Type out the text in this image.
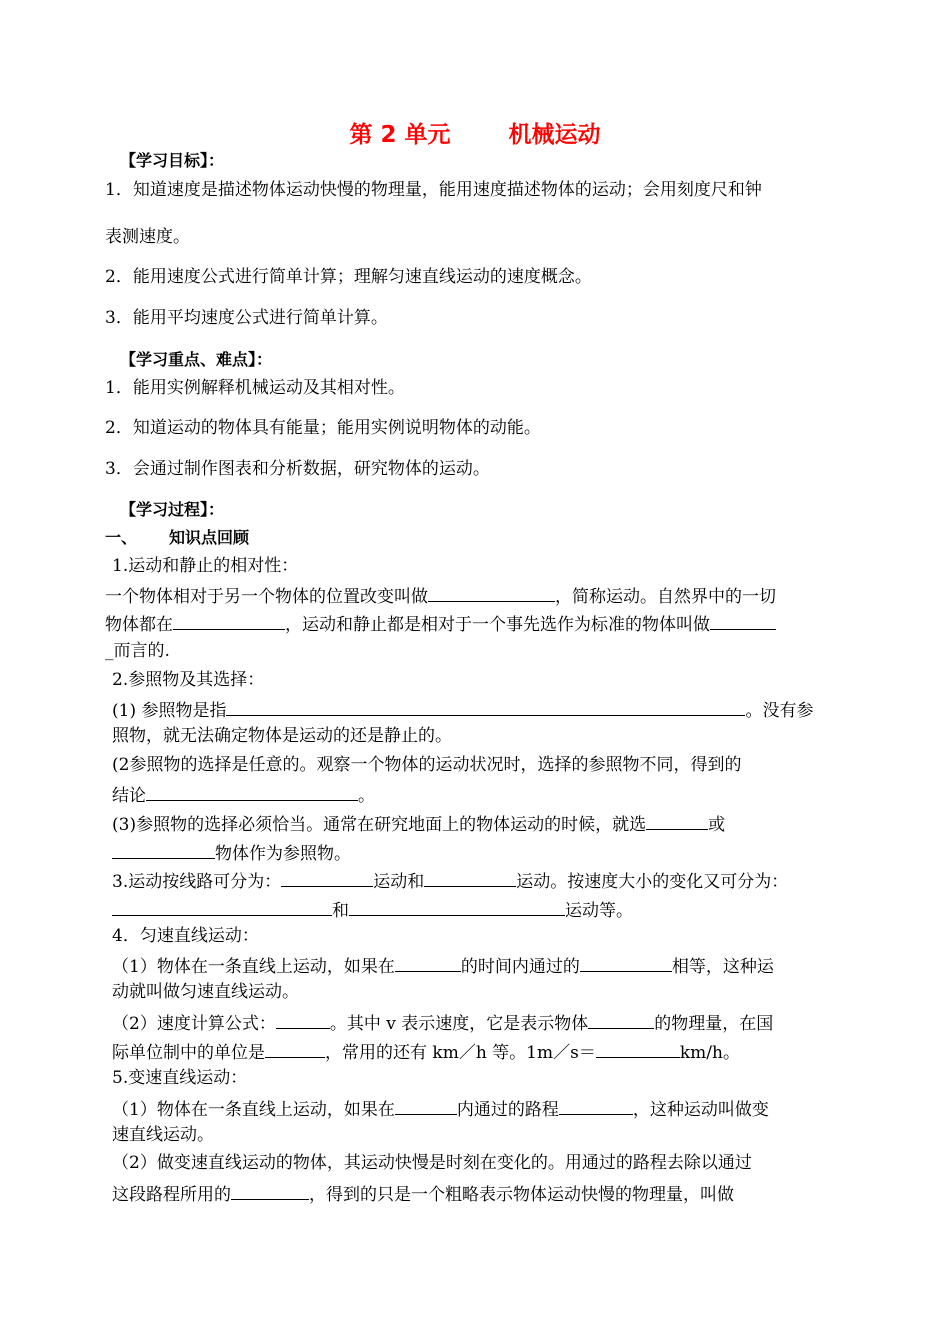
第 2 单元	机械运动
【学习目标】：
1．知道速度是描述物体运动快慢的物理量，能用速度描述物体的运动；会用刻度尺和钟
表测速度。
2．能用速度公式进行简单计算；理解匀速直线运动的速度概念。
3．能用平均速度公式进行简单计算。
【学习重点、难点】：
1．能用实例解释机械运动及其相对性。
2．知道运动的物体具有能量；能用实例说明物体的动能。
3．会通过制作图表和分析数据，研究物体的运动。
【学习过程】：
一、 知识点回顾
1.运动和静止的相对性：
一个物体相对于另一个物体的位置改变叫做	，简称运动。自然界中的一切
物体都在	，运动和静止都是相对于一个事先选作为标准的物体叫做
_而言的.
2.参照物及其选择：
(1) 参照物是指	。没有参
照物，就无法确定物体是运动的还是静止的。
(2参照物的选择是任意的。观察一个物体的运动状况时，选择的参照物不同，得到的
结论	。
(3)参照物的选择必须恰当。通常在研究地面上的物体运动的时候，就选	或
物体作为参照物。
3.运动按线路可分为：	运动和	运动。按速度大小的变化又可分为：
和	运动等。
4．匀速直线运动：
（1）物体在一条直线上运动，如果在	的时间内通过的	相等，这种运
动就叫做匀速直线运动。
（2）速度计算公式：	。其中 v 表示速度，它是表示物体	的物理量，在国
际单位制中的单位是	，常用的还有 km／h 等。1m／s＝	km/h。
5.变速直线运动：
（1）物体在一条直线上运动，如果在	内通过的路程	，这种运动叫做变
速直线运动。
（2）做变速直线运动的物体，其运动快慢是时刻在变化的。用通过的路程去除以通过
这段路程所用的	，得到的只是一个粗略表示物体运动快慢的物理量，叫做
